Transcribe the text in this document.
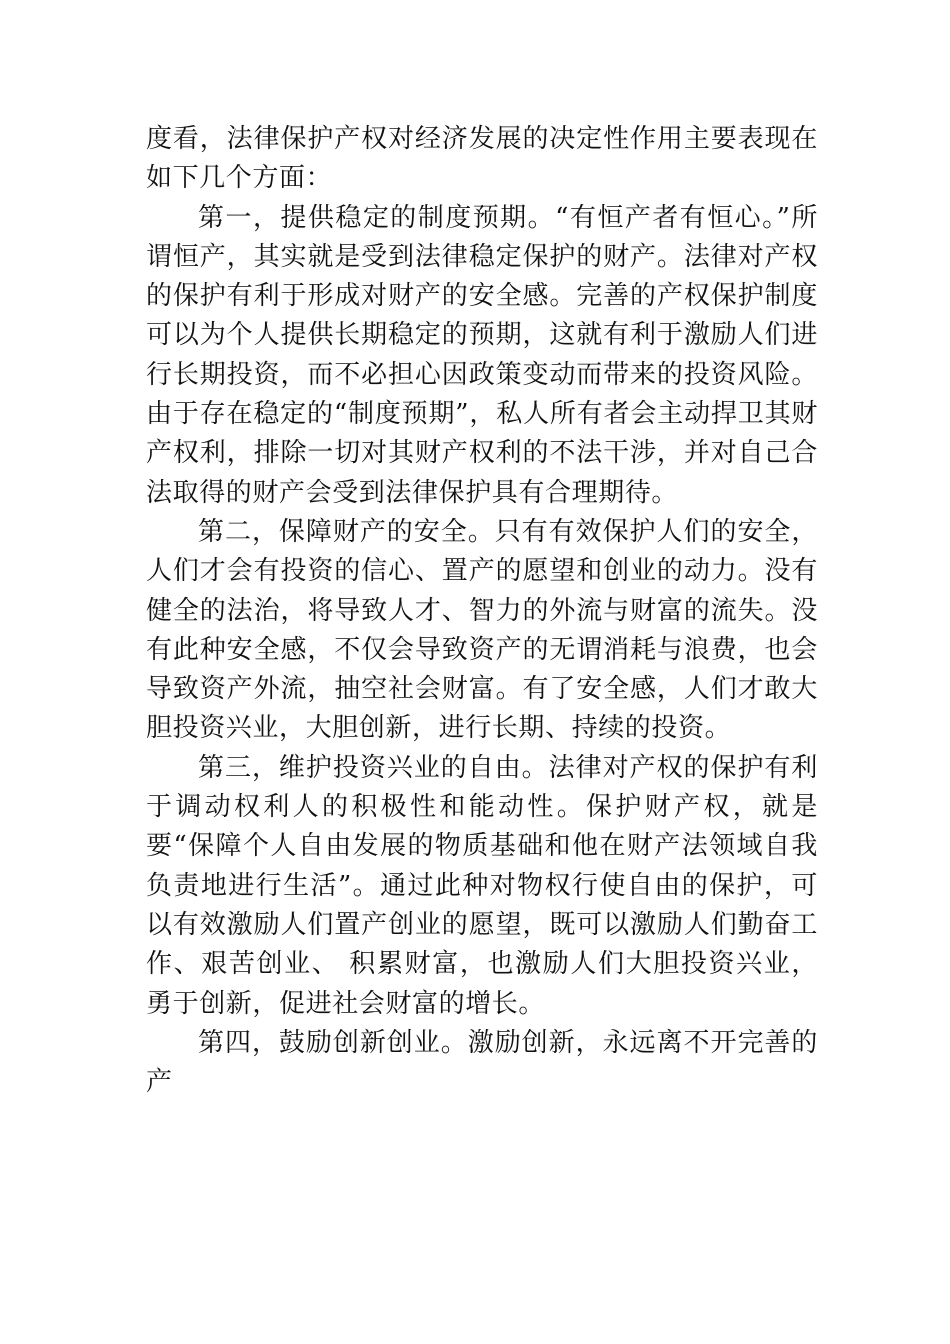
度看，法律保护产权对经济发展的决定性作用主要表现在如下几个方面：

第一，提供稳定的制度预期。“有恒产者有恒心。”所谓恒产，其实就是受到法律稳定保护的财产。法律对产权的保护有利于形成对财产的安全感。完善的产权保护制度可以为个人提供长期稳定的预期，这就有利于激励人们进行长期投资，而不必担心因政策变动而带来的投资风险。由于存在稳定的“制度预期”，私人所有者会主动捍卫其财产权利，排除一切对其财产权利的不法干涉，并对自己合法取得的财产会受到法律保护具有合理期待。

第二，保障财产的安全。只有有效保护人们的安全，人们才会有投资的信心、置产的愿望和创业的动力。没有健全的法治，将导致人才、智力的外流与财富的流失。没有此种安全感，不仅会导致资产的无谓消耗与浪费，也会导致资产外流，抽空社会财富。有了安全感，人们才敢大胆投资兴业，大胆创新，进行长期、持续的投资。

第三，维护投资兴业的自由。法律对产权的保护有利于调动权利人的积极性和能动性。保护财产权，就是要“保障个人自由发展的物质基础和他在财产法领域自我负责地进行生活”。通过此种对物权行使自由的保护，可以有效激励人们置产创业的愿望，既可以激励人们勤奋工作、艰苦创业、 积累财富，也激励人们大胆投资兴业，勇于创新，促进社会财富的增长。

第四，鼓励创新创业。激励创新，永远离不开完善的产
